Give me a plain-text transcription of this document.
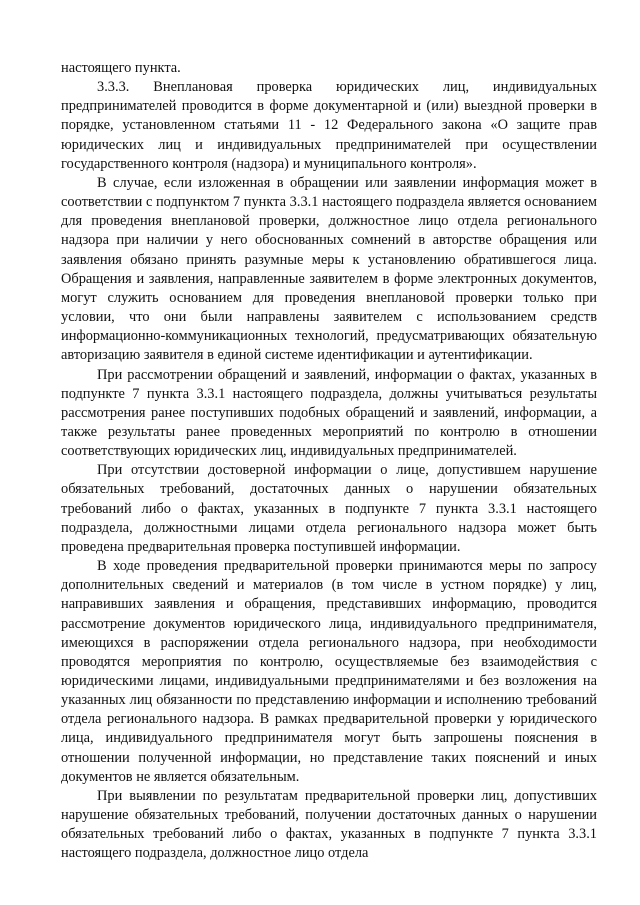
настоящего пункта.

3.3.3. Внеплановая проверка юридических лиц, индивидуальных предпринимателей проводится в форме документарной и (или) выездной проверки в порядке, установленном статьями 11 - 12 Федерального закона «О защите прав юридических лиц и индивидуальных предпринимателей при осуществлении государственного контроля (надзора) и муниципального контроля».

В случае, если изложенная в обращении или заявлении информация может в соответствии с подпунктом 7 пункта 3.3.1 настоящего подраздела является основанием для проведения внеплановой проверки, должностное лицо отдела регионального надзора при наличии у него обоснованных сомнений в авторстве обращения или заявления обязано принять разумные меры к установлению обратившегося лица. Обращения и заявления, направленные заявителем в форме электронных документов, могут служить основанием для проведения внеплановой проверки только при условии, что они были направлены заявителем с использованием средств информационно-коммуникационных технологий, предусматривающих обязательную авторизацию заявителя в единой системе идентификации и аутентификации.

При рассмотрении обращений и заявлений, информации о фактах, указанных в подпункте 7 пункта 3.3.1 настоящего подраздела, должны учитываться результаты рассмотрения ранее поступивших подобных обращений и заявлений, информации, а также результаты ранее проведенных мероприятий по контролю в отношении соответствующих юридических лиц, индивидуальных предпринимателей.

При отсутствии достоверной информации о лице, допустившем нарушение обязательных требований, достаточных данных о нарушении обязательных требований либо о фактах, указанных в подпункте 7 пункта 3.3.1 настоящего подраздела, должностными лицами отдела регионального надзора может быть проведена предварительная проверка поступившей информации.

В ходе проведения предварительной проверки принимаются меры по запросу дополнительных сведений и материалов (в том числе в устном порядке) у лиц, направивших заявления и обращения, представивших информацию, проводится рассмотрение документов юридического лица, индивидуального предпринимателя, имеющихся в распоряжении отдела регионального надзора, при необходимости проводятся мероприятия по контролю, осуществляемые без взаимодействия с юридическими лицами, индивидуальными предпринимателями и без возложения на указанных лиц обязанности по представлению информации и исполнению требований отдела регионального надзора. В рамках предварительной проверки у юридического лица, индивидуального предпринимателя могут быть запрошены пояснения в отношении полученной информации, но представление таких пояснений и иных документов не является обязательным.

При выявлении по результатам предварительной проверки лиц, допустивших нарушение обязательных требований, получении достаточных данных о нарушении обязательных требований либо о фактах, указанных в подпункте 7 пункта 3.3.1 настоящего подраздела, должностное лицо отдела
